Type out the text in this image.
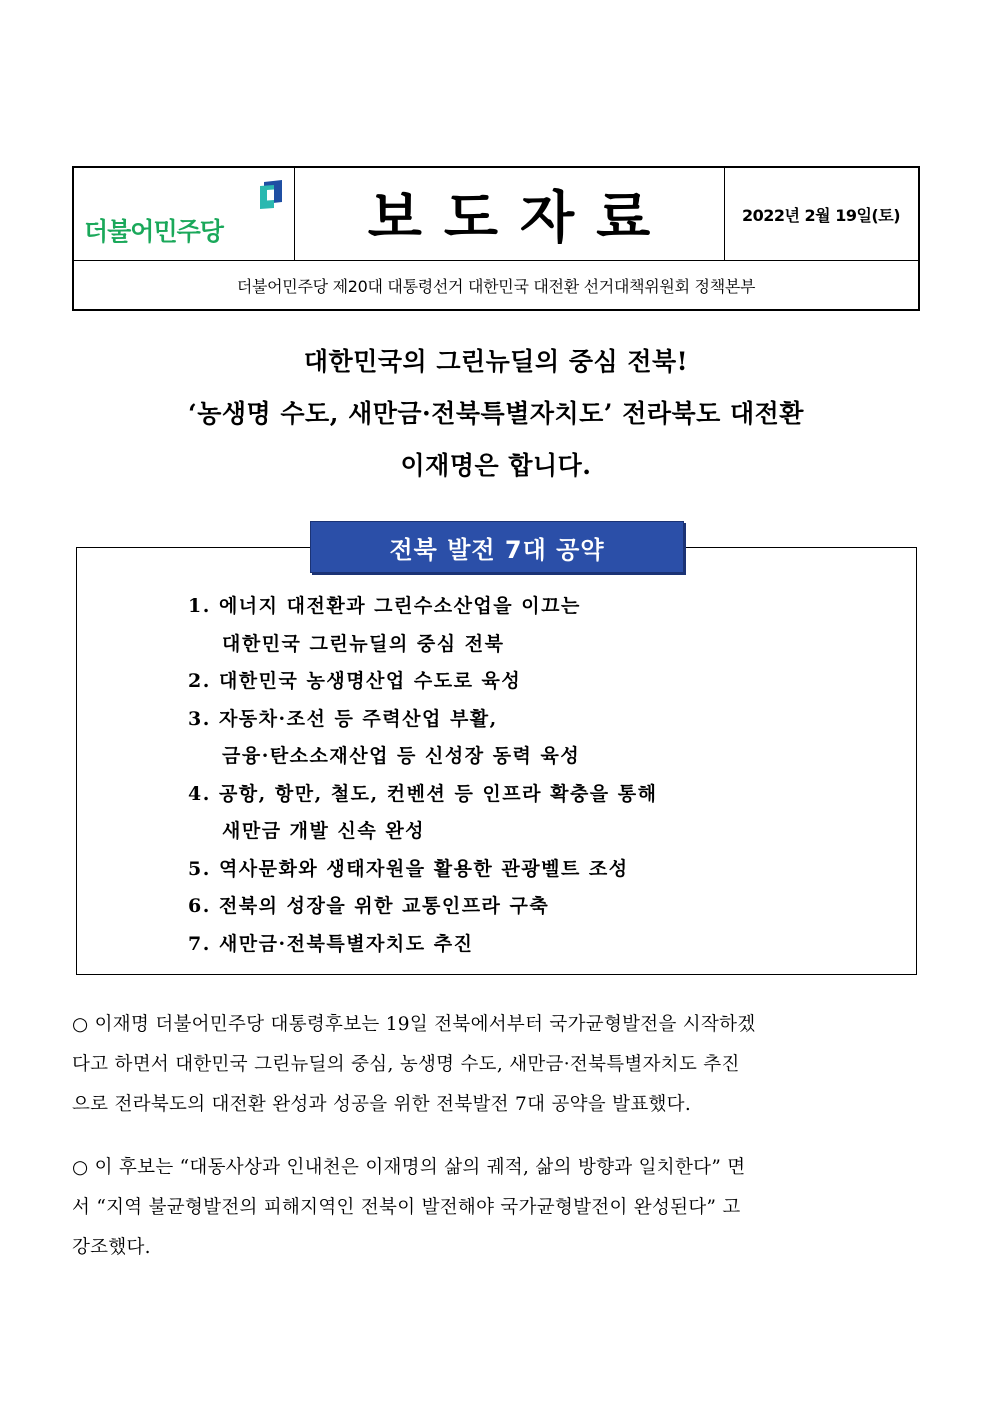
더불어민주당	보도자료	2022년 2월 19일(토)
더불어민주당 제20대 대통령선거 대한민국 대전환 선거대책위원회 정책본부
대한민국의 그린뉴딜의 중심 전북!
‘농생명 수도, 새만금·전북특별자치도’ 전라북도 대전환
이재명은 합니다.
전북 발전 7대 공약
1. 에너지 대전환과 그린수소산업을 이끄는
대한민국 그린뉴딜의 중심 전북
2. 대한민국 농생명산업 수도로 육성
3. 자동차·조선 등 주력산업 부활,
금융·탄소소재산업 등 신성장 동력 육성
4. 공항, 항만, 철도, 컨벤션 등 인프라 확충을 통해
새만금 개발 신속 완성
5. 역사문화와 생태자원을 활용한 관광벨트 조성
6. 전북의 성장을 위한 교통인프라 구축
7. 새만금·전북특별자치도 추진
○ 이재명 더불어민주당 대통령후보는 19일 전북에서부터 국가균형발전을 시작하겠
다고 하면서 대한민국 그린뉴딜의 중심, 농생명 수도, 새만금·전북특별자치도 추진
으로 전라북도의 대전환 완성과 성공을 위한 전북발전 7대 공약을 발표했다.
○ 이 후보는 “대동사상과 인내천은 이재명의 삶의 궤적, 삶의 방향과 일치한다” 면
서 “지역 불균형발전의 피해지역인 전북이 발전해야 국가균형발전이 완성된다” 고
강조했다.
